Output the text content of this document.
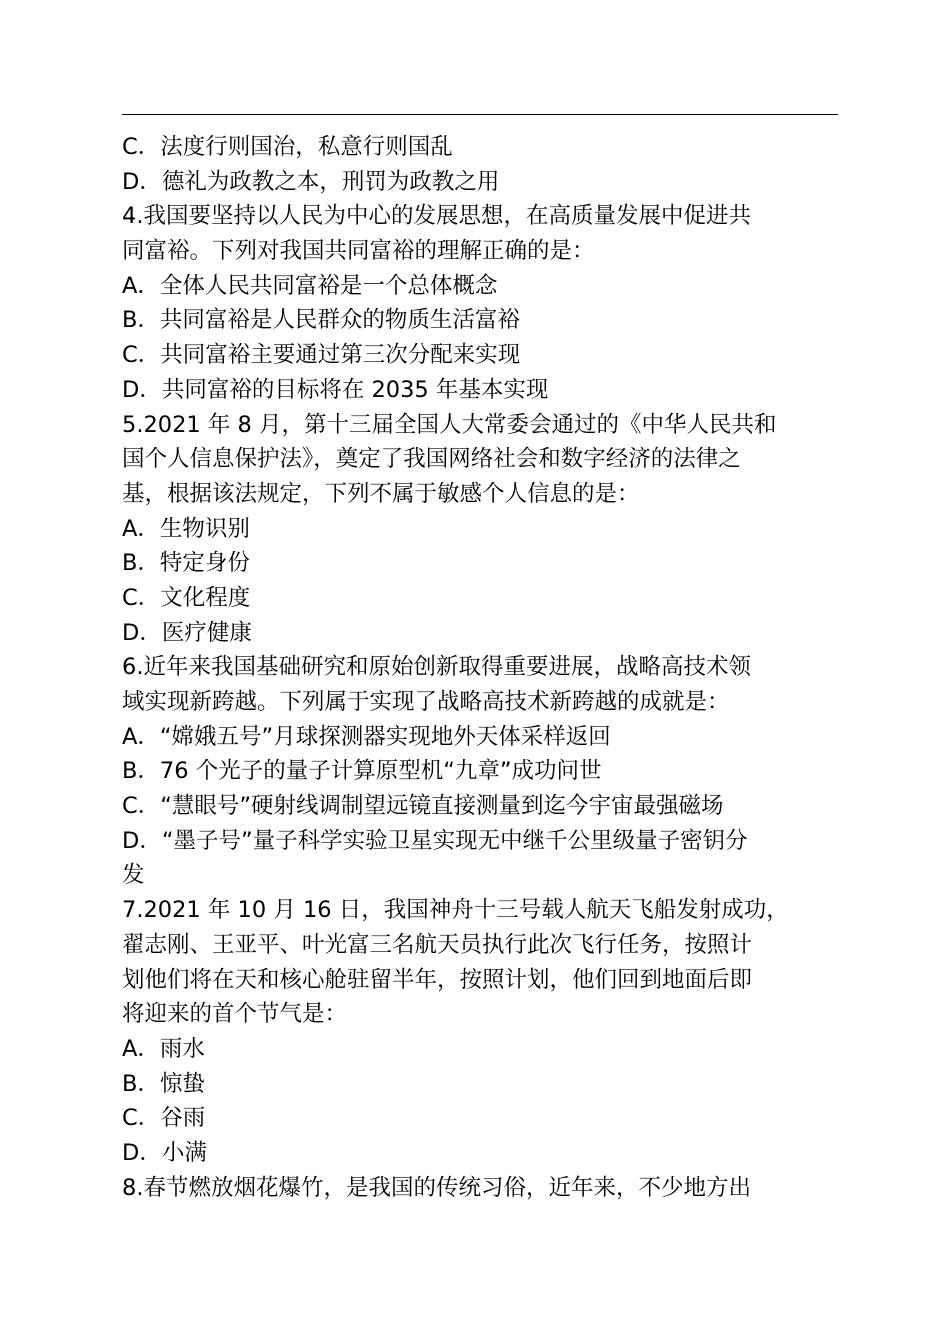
C．法度行则国治，私意行则国乱
D．德礼为政教之本，刑罚为政教之用
4.我国要坚持以人民为中心的发展思想，在高质量发展中促进共
同富裕。下列对我国共同富裕的理解正确的是：
A．全体人民共同富裕是一个总体概念
B．共同富裕是人民群众的物质生活富裕
C．共同富裕主要通过第三次分配来实现
D．共同富裕的目标将在 2035 年基本实现
5.2021 年 8 月，第十三届全国人大常委会通过的《中华人民共和
国个人信息保护法》，奠定了我国网络社会和数字经济的法律之
基，根据该法规定，下列不属于敏感个人信息的是：
A．生物识别
B．特定身份
C．文化程度
D．医疗健康
6.近年来我国基础研究和原始创新取得重要进展，战略高技术领
域实现新跨越。下列属于实现了战略高技术新跨越的成就是：
A．“嫦娥五号”月球探测器实现地外天体采样返回
B．76 个光子的量子计算原型机“九章”成功问世
C．“慧眼号”硬射线调制望远镜直接测量到迄今宇宙最强磁场
D．“墨子号”量子科学实验卫星实现无中继千公里级量子密钥分
发
7.2021 年 10 月 16 日，我国神舟十三号载人航天飞船发射成功，
翟志刚、王亚平、叶光富三名航天员执行此次飞行任务，按照计
划他们将在天和核心舱驻留半年，按照计划，他们回到地面后即
将迎来的首个节气是：
A．雨水
B．惊蛰
C．谷雨
D．小满
8.春节燃放烟花爆竹，是我国的传统习俗，近年来，不少地方出
